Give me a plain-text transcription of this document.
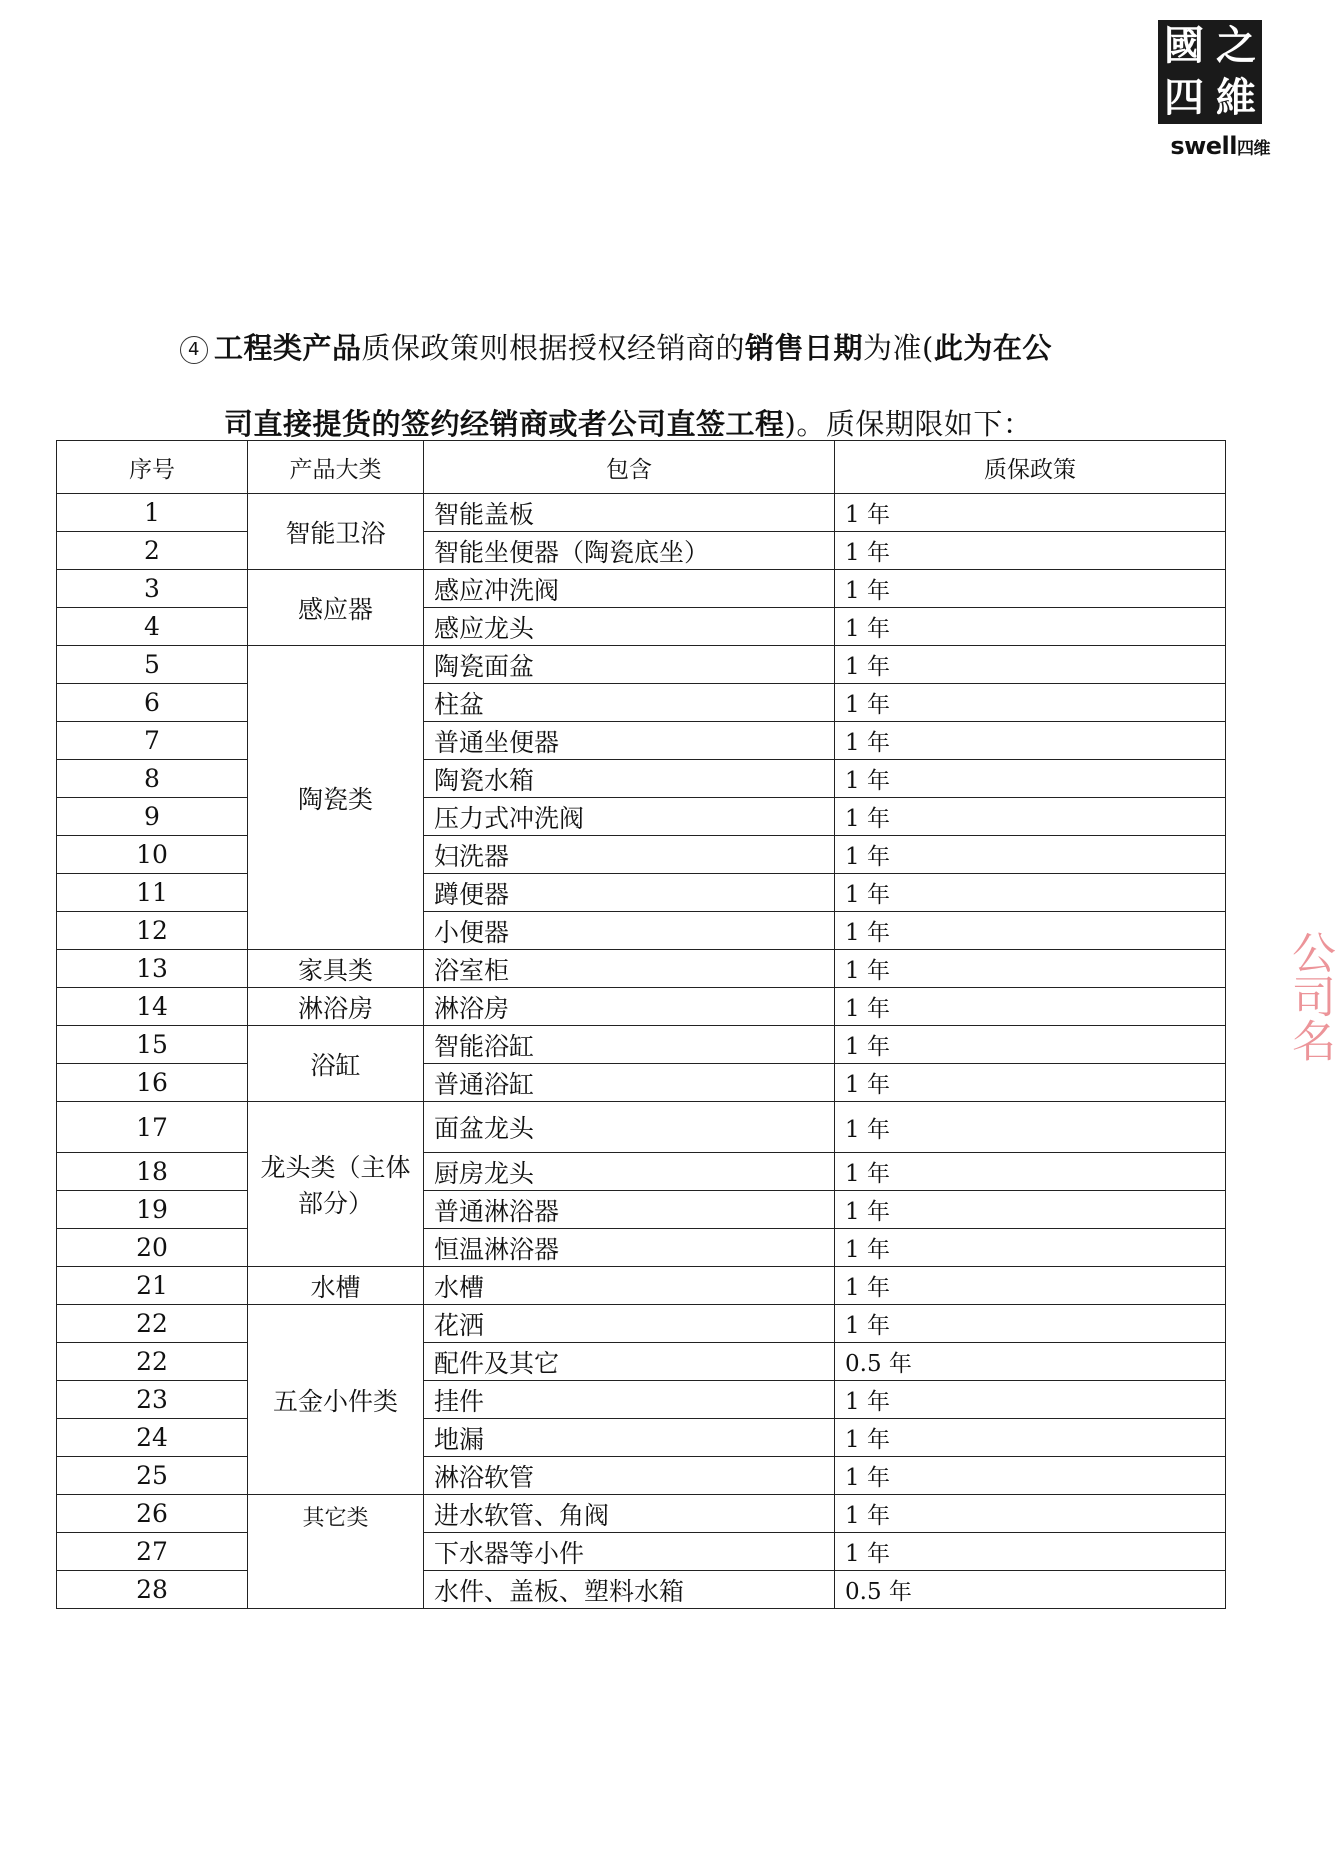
國 之
四 維
swell四维
4 工程类产品质保政策则根据授权经销商的销售日期为准(此为在公
司直接提货的签约经销商或者公司直签工程)。质保期限如下：
序号	产品大类	包含	质保政策
1	智能卫浴	智能盖板	1 年
2		智能坐便器（陶瓷底坐）	1 年
3	感应器	感应冲洗阀	1 年
4		感应龙头	1 年
5	陶瓷类	陶瓷面盆	1 年
6		柱盆	1 年
7		普通坐便器	1 年
8		陶瓷水箱	1 年
9		压力式冲洗阀	1 年
10		妇洗器	1 年
11		蹲便器	1 年
12		小便器	1 年
13	家具类	浴室柜	1 年
14	淋浴房	淋浴房	1 年
15	浴缸	智能浴缸	1 年
16		普通浴缸	1 年
17	龙头类（主体部分）	面盆龙头	1 年
18		厨房龙头	1 年
19		普通淋浴器	1 年
20		恒温淋浴器	1 年
21	水槽	水槽	1 年
22	五金小件类	花洒	1 年
22		配件及其它	0.5 年
23		挂件	1 年
24		地漏	1 年
25		淋浴软管	1 年
26	其它类	进水软管、角阀	1 年
27		下水器等小件	1 年
28		水件、盖板、塑料水箱	0.5 年
公司名
